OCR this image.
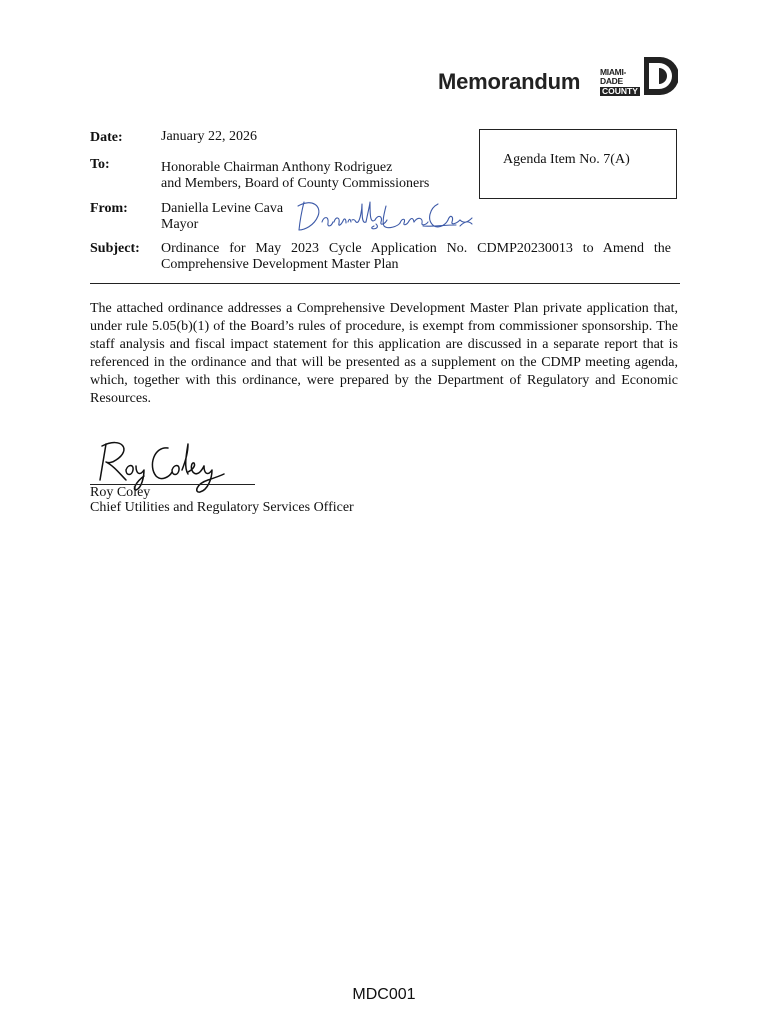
Memorandum MIAMI-DADE
COUNTY
Date:	January 22, 2026
Agenda Item No. 7(A)
To:	Honorable Chairman Anthony Rodriguez
and Members, Board of County Commissioners
From: Daniella Levine Cava
Mayor
Subject: Ordinance for May 2023 Cycle Application No. CDMP20230013 to Amend the Comprehensive Development Master Plan
The attached ordinance addresses a Comprehensive Development Master Plan private application that, under rule 5.05(b)(1) of the Board’s rules of procedure, is exempt from commissioner sponsorship. The staff analysis and fiscal impact statement for this application are discussed in a separate report that is referenced in the ordinance and that will be presented as a supplement on the CDMP meeting agenda, which, together with this ordinance, were prepared by the Department of Regulatory and Economic Resources.
Roy Coley
Chief Utilities and Regulatory Services Officer
MDC001
